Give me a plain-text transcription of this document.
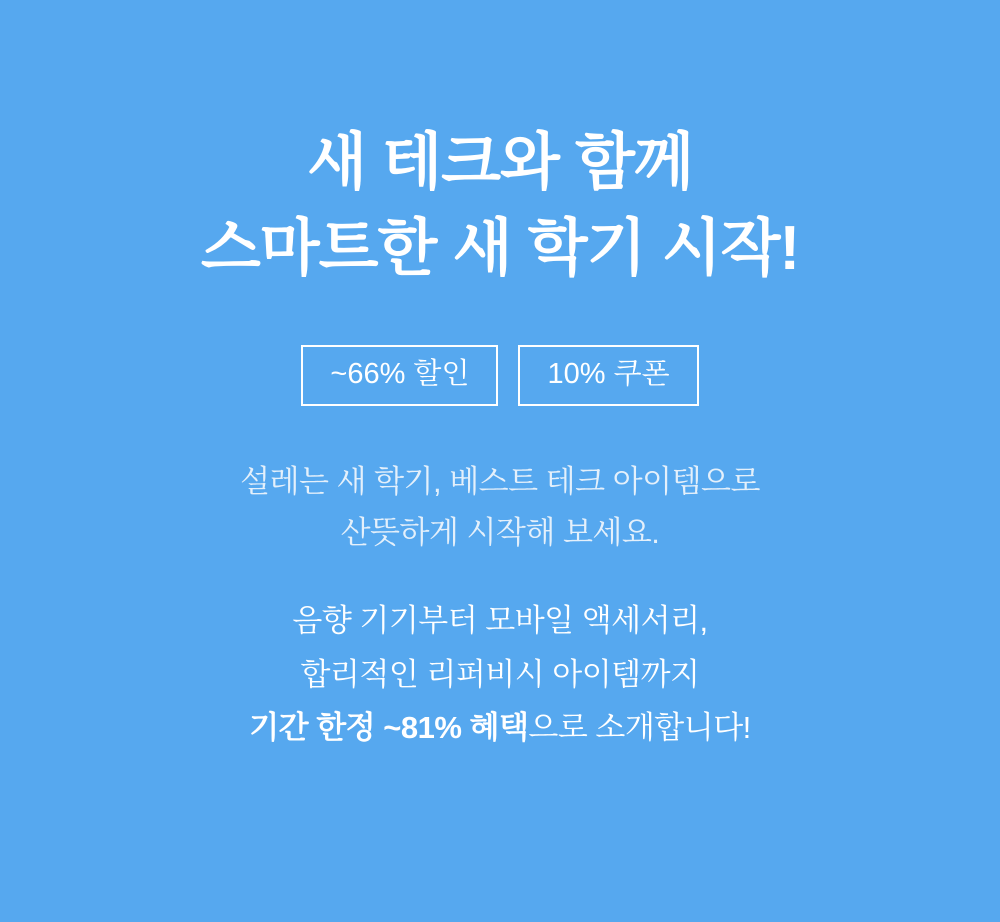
새 테크와 함께
스마트한 새 학기 시작!
~66% 할인	10% 쿠폰
설레는 새 학기, 베스트 테크 아이템으로
산뜻하게 시작해 보세요.
음향 기기부터 모바일 액세서리,
합리적인 리퍼비시 아이템까지
기간 한정 ~81% 혜택으로 소개합니다!
